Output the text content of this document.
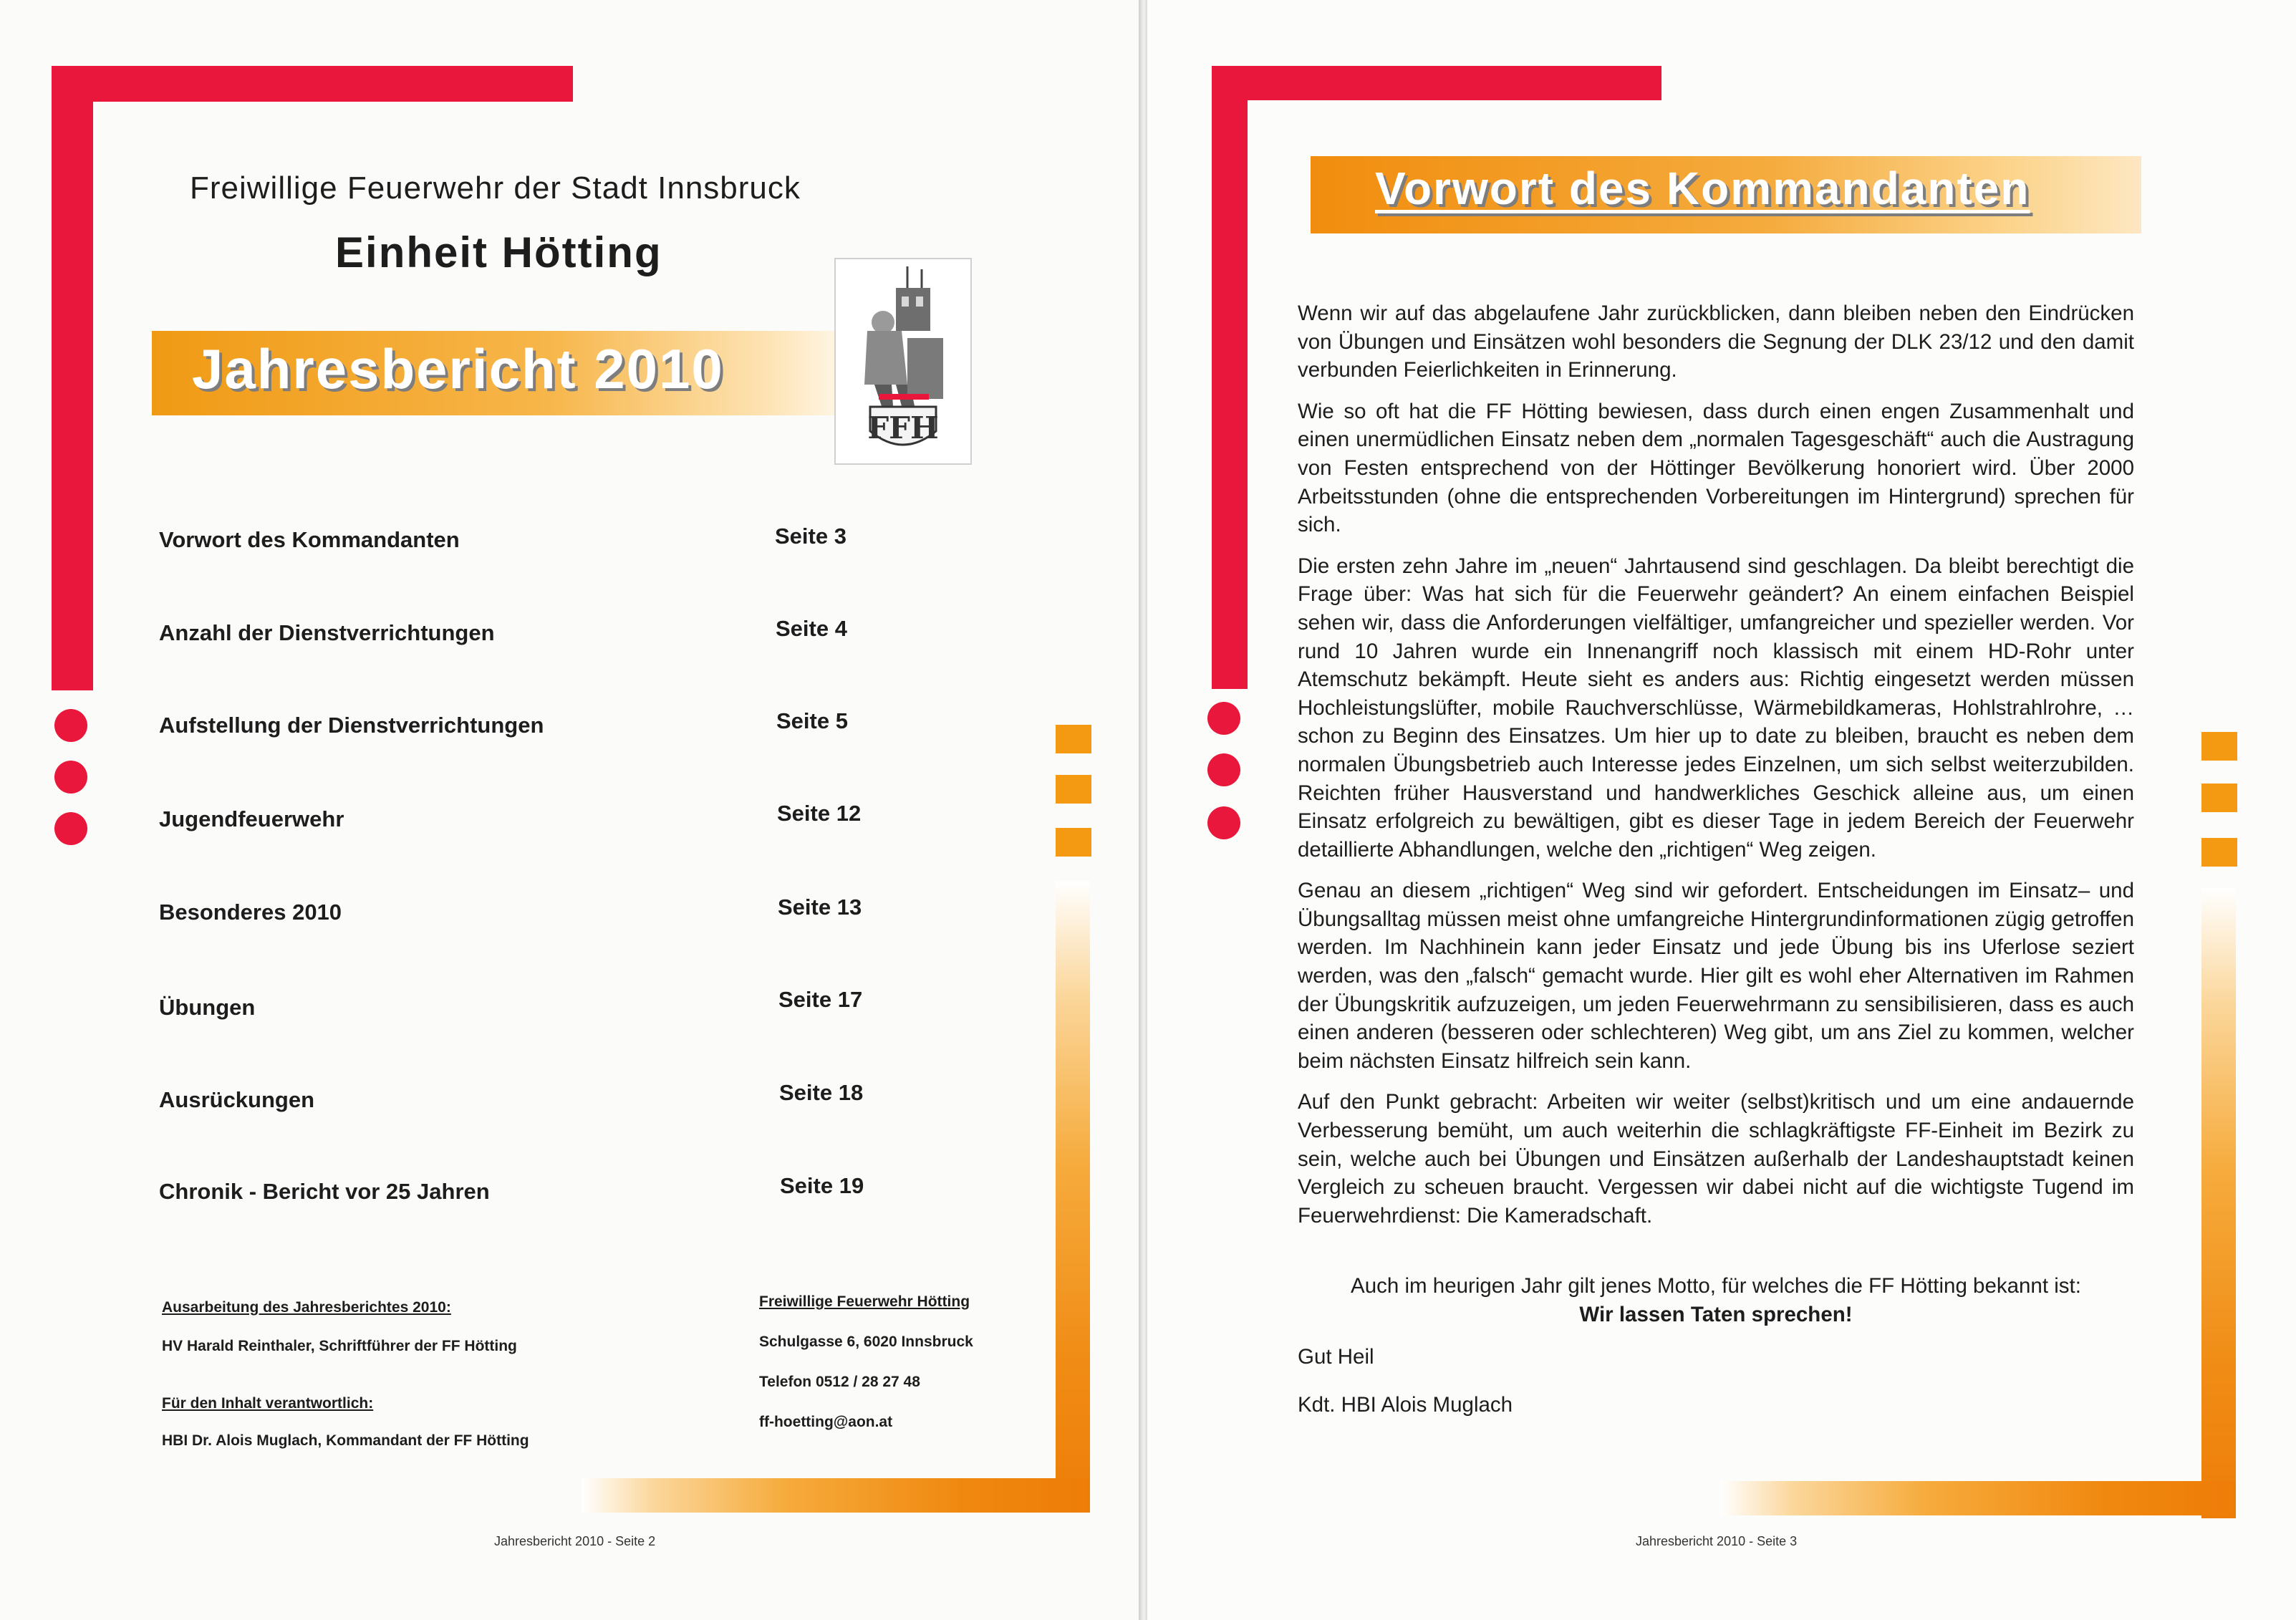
Freiwillige Feuerwehr der Stadt Innsbruck
Einheit Hötting
Jahresbericht 2010
FFH
Vorwort des Kommandanten	Seite 3
Anzahl der Dienstverrichtungen	Seite 4
Aufstellung der Dienstverrichtungen	Seite 5
Jugendfeuerwehr	Seite 12
Besonderes 2010	Seite 13
Übungen	Seite 17
Ausrückungen	Seite 18
Chronik - Bericht vor 25 Jahren	Seite 19
Ausarbeitung des Jahresberichtes 2010:
HV Harald Reinthaler, Schriftführer der FF Hötting
Für den Inhalt verantwortlich:
HBI Dr. Alois Muglach, Kommandant der FF Hötting
Freiwillige Feuerwehr Hötting
Schulgasse 6, 6020 Innsbruck
Telefon 0512 / 28 27 48
ff-hoetting@aon.at
Jahresbericht 2010 - Seite 2	Jahresbericht 2010 - Seite 3
Vorwort des Kommandanten

Wenn wir auf das abgelaufene Jahr zurückblicken, dann bleiben neben den Eindrücken von Übungen und Einsätzen wohl besonders die Segnung der DLK 23/12 und den damit verbunden Feierlichkeiten in Erinnerung.

Wie so oft hat die FF Hötting bewiesen, dass durch einen engen Zusammenhalt und einen unermüdlichen Einsatz neben dem „normalen Tagesgeschäft“ auch die Austragung von Festen entsprechend von der Höttinger Bevölkerung honoriert wird. Über 2000 Arbeitsstunden (ohne die entsprechenden Vorbereitungen im Hintergrund) sprechen für sich.

Die ersten zehn Jahre im „neuen“ Jahrtausend sind geschlagen. Da bleibt berechtigt die Frage über: Was hat sich für die Feuerwehr geändert? An einem einfachen Beispiel sehen wir, dass die Anforderungen vielfältiger, umfangreicher und spezieller werden. Vor rund 10 Jahren wurde ein Innenangriff noch klassisch mit einem HD-Rohr unter Atemschutz bekämpft. Heute sieht es anders aus: Richtig eingesetzt werden müssen Hochleistungslüfter, mobile Rauchverschlüsse, Wärmebildkameras, Hohlstrahlrohre, … schon zu Beginn des Einsatzes. Um hier up to date zu bleiben, braucht es neben dem normalen Übungsbetrieb auch Interesse jedes Einzelnen, um sich selbst weiterzubilden. Reichten früher Hausverstand und handwerkliches Geschick alleine aus, um einen Einsatz erfolgreich zu bewältigen, gibt es dieser Tage in jedem Bereich der Feuerwehr detaillierte Abhandlungen, welche den „richtigen“ Weg zeigen.

Genau an diesem „richtigen“ Weg sind wir gefordert. Entscheidungen im Einsatz– und Übungsalltag müssen meist ohne umfangreiche Hintergrundinformationen zügig getroffen werden. Im Nachhinein kann jeder Einsatz und jede Übung bis ins Uferlose seziert werden, was den „falsch“ gemacht wurde. Hier gilt es wohl eher Alternativen im Rahmen der Übungskritik aufzuzeigen, um jeden Feuerwehrmann zu sensibilisieren, dass es auch einen anderen (besseren oder schlechteren) Weg gibt, um ans Ziel zu kommen, welcher beim nächsten Einsatz hilfreich sein kann.

Auf den Punkt gebracht: Arbeiten wir weiter (selbst)kritisch und um eine andauernde Verbesserung bemüht, um auch weiterhin die schlagkräftigste FF-Einheit im Bezirk zu sein, welche auch bei Übungen und Einsätzen außerhalb der Landeshauptstadt keinen Vergleich zu scheuen braucht. Vergessen wir dabei nicht auf die wichtigste Tugend im Feuerwehrdienst: Die Kameradschaft.

Auch im heurigen Jahr gilt jenes Motto, für welches die FF Hötting bekannt ist:
Wir lassen Taten sprechen!
Gut Heil
Kdt. HBI Alois Muglach
